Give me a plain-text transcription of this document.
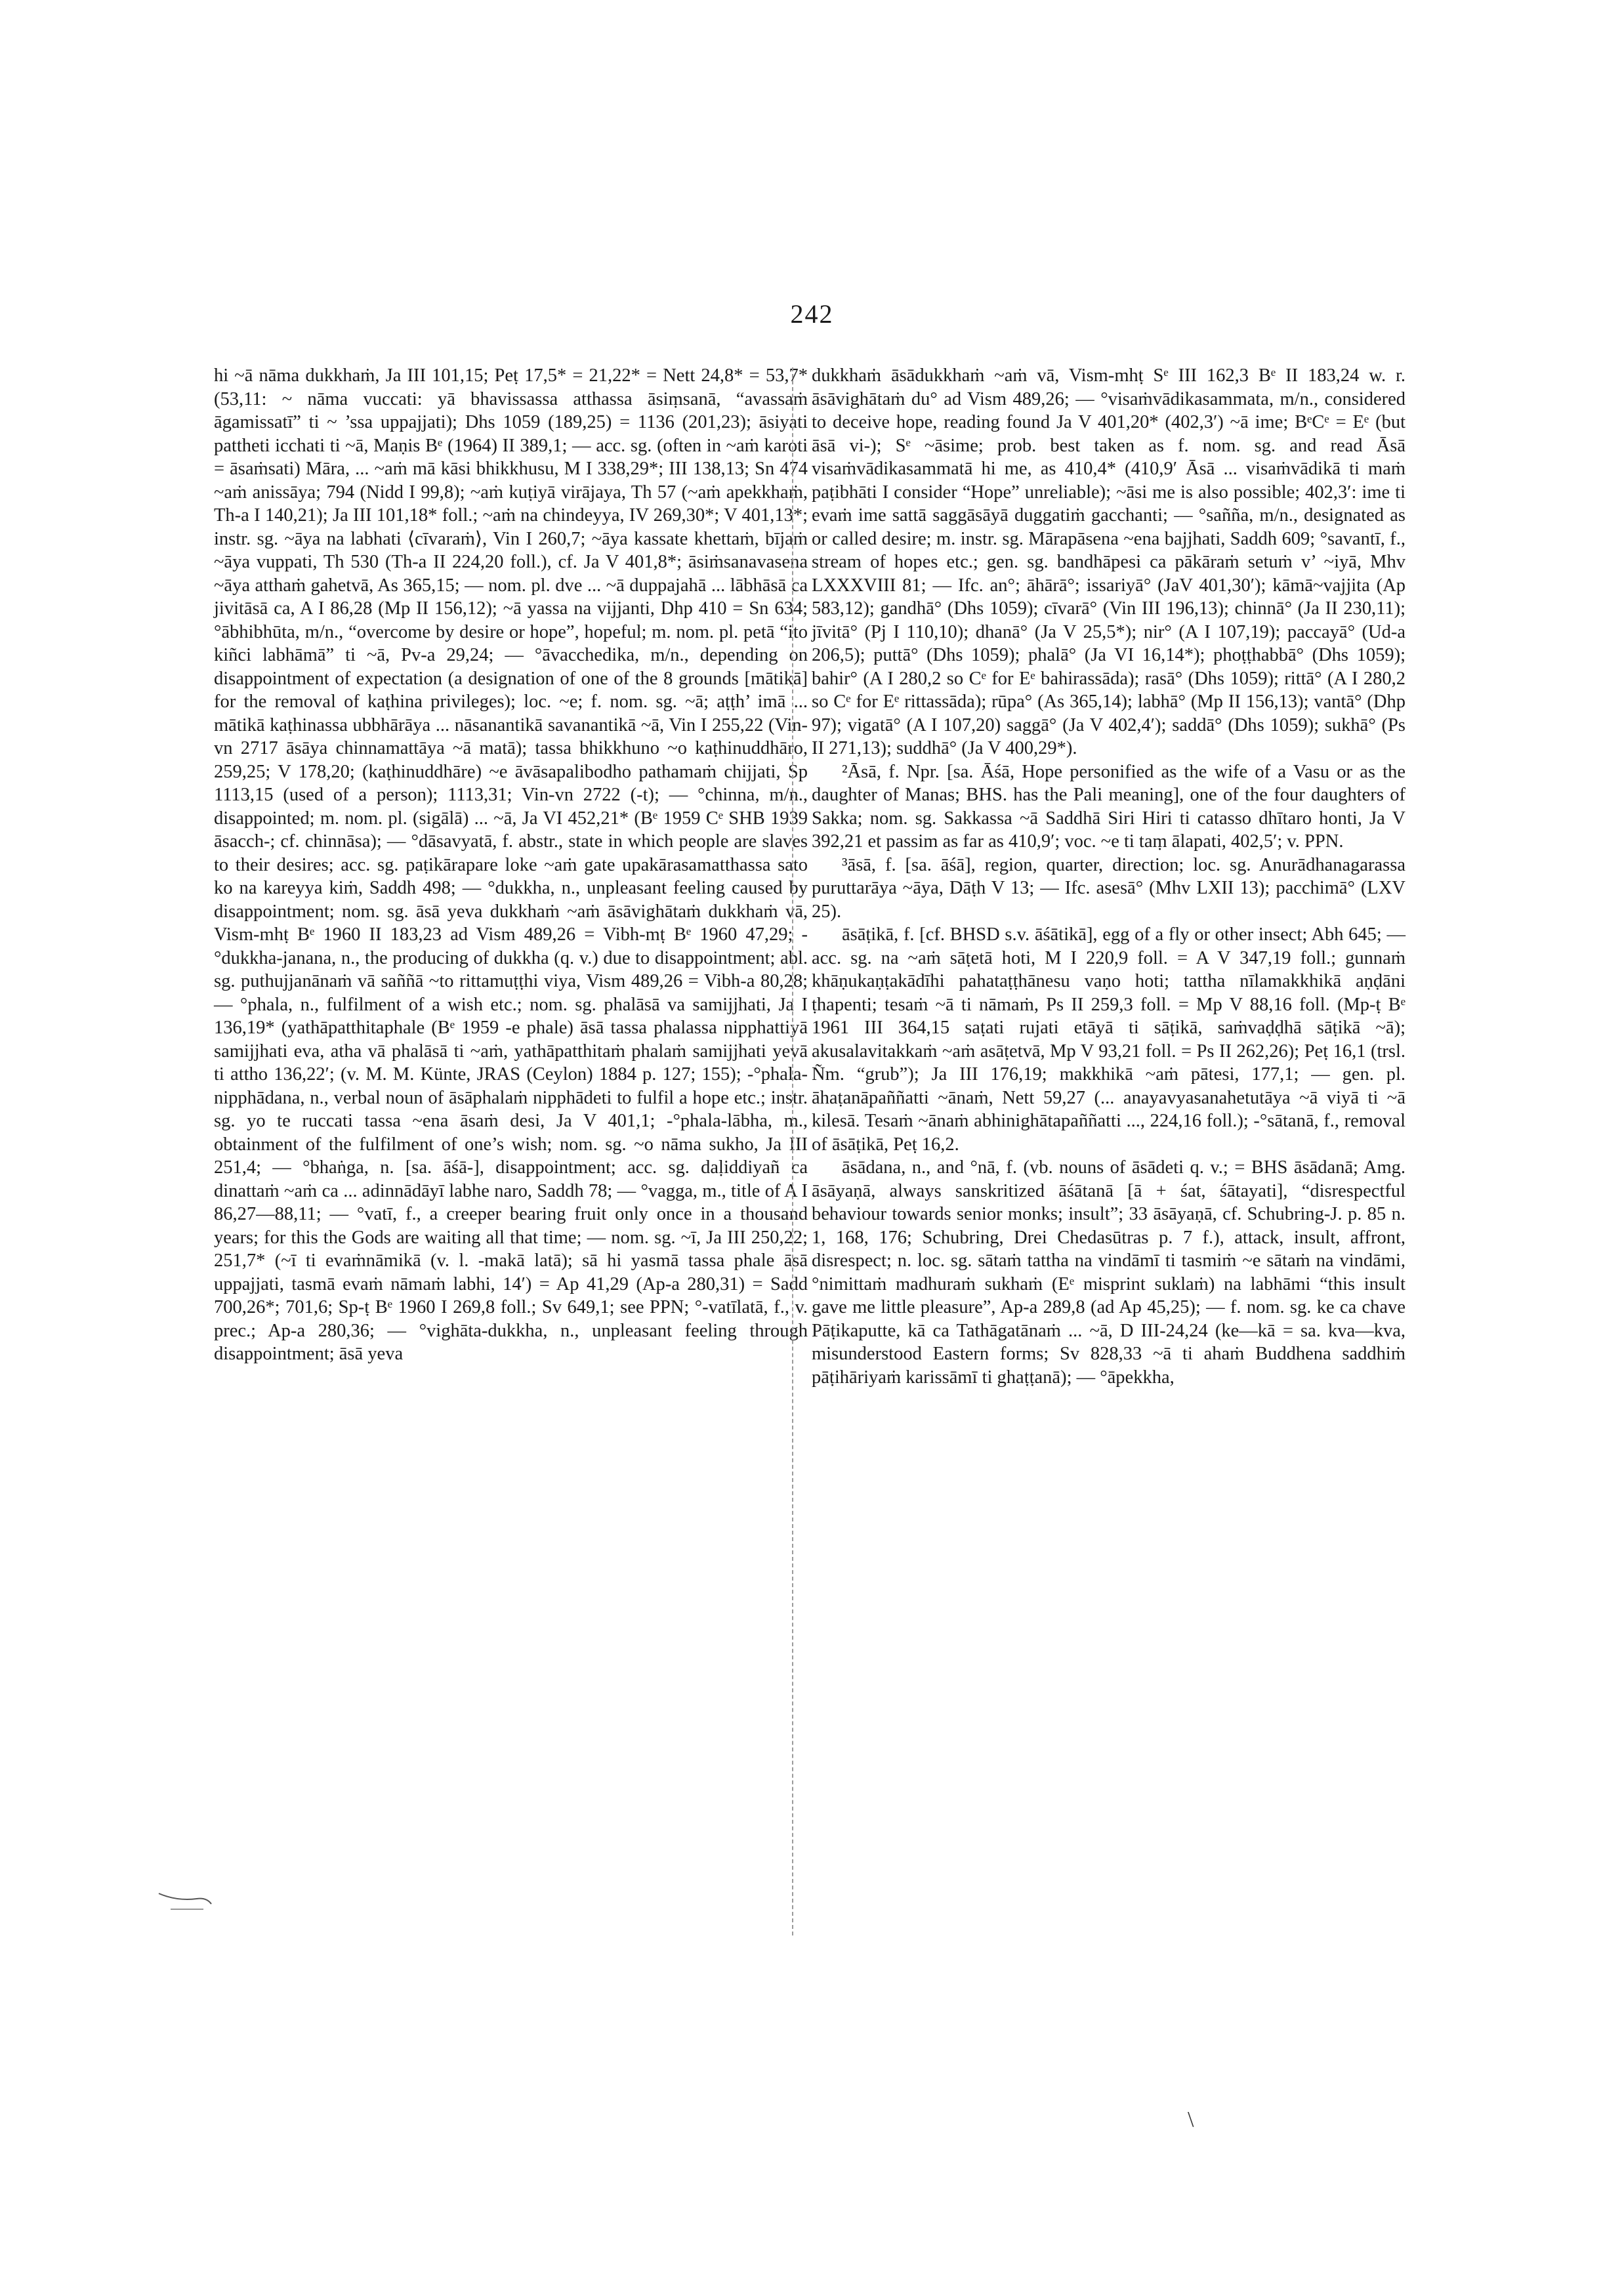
242

hi ~ā nāma dukkhaṁ, Ja III 101,15; Peṭ 17,5* = 21,22* = Nett 24,8* = 53,7* (53,11: ~ nāma vuccati: yā bhavissassa atthassa āsiṃsanā, “avassaṁ āgamissatī” ti ~ ’ssa uppajjati); Dhs 1059 (189,25) = 1136 (201,23); āsiyati pattheti icchati ti ~ā, Maṇis Bᵉ (1964) II 389,1; — acc. sg. (often in ~aṁ karoti = āsaṁsati) Māra, ... ~aṁ mā kāsi bhikkhusu, M I 338,29*; III 138,13; Sn 474 ~aṁ anissāya; 794 (Nidd I 99,8); ~aṁ kuṭiyā virājaya, Th 57 (~aṁ apekkhaṁ, Th-a I 140,21); Ja III 101,18* foll.; ~aṁ na chindeyya, IV 269,30*; V 401,13*; instr. sg. ~āya na labhati ⟨cīvaraṁ⟩, Vin I 260,7; ~āya kassate khettaṁ, bījaṁ ~āya vuppati, Th 530 (Th-a II 224,20 foll.), cf. Ja V 401,8*; āsiṁsanavasena ~āya atthaṁ gahetvā, As 365,15; — nom. pl. dve ... ~ā duppajahā ... lābhāsā ca jivitāsā ca, A I 86,28 (Mp II 156,12); ~ā yassa na vijjanti, Dhp 410 = Sn 634; °ābhibhūta, m/n., “overcome by desire or hope”, hopeful; m. nom. pl. petā “ito kiñci labhāmā” ti ~ā, Pv-a 29,24; — °āvacchedika, m/n., depending on disappointment of expectation (a designation of one of the 8 grounds [mātikā] for the removal of kaṭhina privileges); loc. ~e; f. nom. sg. ~ā; aṭṭh’ imā ... mātikā kaṭhinassa ubbhārāya ... nāsanantikā savanantikā ~ā, Vin I 255,22 (Vin-vn 2717 āsāya chinnamattāya ~ā matā); tassa bhikkhuno ~o kaṭhinuddhāro, 259,25; V 178,20; (kaṭhinuddhāre) ~e āvāsapalibodho pathamaṁ chijjati, Sp 1113,15 (used of a person); 1113,31; Vin-vn 2722 (-t); — °chinna, m/n., disappointed; m. nom. pl. (sigālā) ... ~ā, Ja VI 452,21* (Bᵉ 1959 Cᵉ SHB 1939 āsacch-; cf. chinnāsa); — °dāsavyatā, f. abstr., state in which people are slaves to their desires; acc. sg. paṭikārapare loke ~aṁ gate upakārasamatthassa sato ko na kareyya kiṁ, Saddh 498; — °dukkha, n., unpleasant feeling caused by disappointment; nom. sg. āsā yeva dukkhaṁ ~aṁ āsāvighātaṁ dukkhaṁ vā, Vism-mhṭ Bᵉ 1960 II 183,23 ad Vism 489,26 = Vibh-mṭ Bᵉ 1960 47,29; -°dukkha-janana, n., the producing of dukkha (q. v.) due to disappointment; abl. sg. puthujjanānaṁ vā saññā ~to rittamuṭṭhi viya, Vism 489,26 = Vibh-a 80,28; — °phala, n., fulfilment of a wish etc.; nom. sg. phalāsā va samijjhati, Ja I 136,19* (yathāpatthitaphale (Bᵉ 1959 -e phale) āsā tassa phalassa nipphattiyā samijjhati eva, atha vā phalāsā ti ~aṁ, yathāpatthitaṁ phalaṁ samijjhati yevā ti attho 136,22′; (v. M. M. Künte, JRAS (Ceylon) 1884 p. 127; 155); -°phala-nipphādana, n., verbal noun of āsāphalaṁ nipphādeti to fulfil a hope etc.; instr. sg. yo te ruccati tassa ~ena āsaṁ desi, Ja V 401,1; -°phala-lābha, m., obtainment of the fulfilment of one’s wish; nom. sg. ~o nāma sukho, Ja III 251,4; — °bhaṅga, n. [sa. āśā-], disappointment; acc. sg. daḷiddiyañ ca dinattaṁ ~aṁ ca ... adinnādāyī labhe naro, Saddh 78; — °vagga, m., title of A I 86,27—88,11; — °vatī, f., a creeper bearing fruit only once in a thousand years; for this the Gods are waiting all that time; — nom. sg. ~ī, Ja III 250,22; 251,7* (~ī ti evaṁnāmikā (v. l. -makā latā); sā hi yasmā tassa phale āsā uppajjati, tasmā evaṁ nāmaṁ labhi, 14′) = Ap 41,29 (Ap-a 280,31) = Sadd 700,26*; 701,6; Sp-ṭ Bᵉ 1960 I 269,8 foll.; Sv 649,1; see PPN; °-vatīlatā, f., v. prec.; Ap-a 280,36; — °vighāta-dukkha, n., unpleasant feeling through disappointment; āsā yeva

dukkhaṁ āsādukkhaṁ ~aṁ vā, Vism-mhṭ Sᵉ III 162,3 Bᵉ II 183,24 w. r. āsāvighātaṁ du° ad Vism 489,26; — °visaṁvādikasammata, m/n., considered to deceive hope, reading found Ja V 401,20* (402,3′) ~ā ime; BᵉCᵉ = Eᵉ (but āsā vi-); Sᵉ ~āsime; prob. best taken as f. nom. sg. and read Āsā visaṁvādikasammatā hi me, as 410,4* (410,9′ Āsā ... visaṁvādikā ti maṁ paṭibhāti I consider “Hope” unreliable); ~āsi me is also possible; 402,3′: ime ti evaṁ ime sattā saggāsāyā duggatiṁ gacchanti; — °sañña, m/n., designated as or called desire; m. instr. sg. Mārapāsena ~ena bajjhati, Saddh 609; °savantī, f., stream of hopes etc.; gen. sg. bandhāpesi ca pākāraṁ setuṁ v’ ~iyā, Mhv LXXXVIII 81; — Ifc. an°; āhārā°; issariyā° (JaV 401,30′); kāmā~vajjita (Ap 583,12); gandhā° (Dhs 1059); cīvarā° (Vin III 196,13); chinnā° (Ja II 230,11); jīvitā° (Pj I 110,10); dhanā° (Ja V 25,5*); nir° (A I 107,19); paccayā° (Ud-a 206,5); puttā° (Dhs 1059); phalā° (Ja VI 16,14*); phoṭṭhabbā° (Dhs 1059); bahir° (A I 280,2 so Cᵉ for Eᵉ bahirassāda); rasā° (Dhs 1059); rittā° (A I 280,2 so Cᵉ for Eᵉ rittassāda); rūpa° (As 365,14); labhā° (Mp II 156,13); vantā° (Dhp 97); vigatā° (A I 107,20) saggā° (Ja V 402,4′); saddā° (Dhs 1059); sukhā° (Ps II 271,13); suddhā° (Ja V 400,29*).

²Āsā, f. Npr. [sa. Āśā, Hope personified as the wife of a Vasu or as the daughter of Manas; BHS. has the Pali meaning], one of the four daughters of Sakka; nom. sg. Sakkassa ~ā Saddhā Siri Hiri ti catasso dhītaro honti, Ja V 392,21 et passim as far as 410,9′; voc. ~e ti taṃ ālapati, 402,5′; v. PPN.

³āsā, f. [sa. āśā], region, quarter, direction; loc. sg. Anurādhanagarassa puruttarāya ~āya, Dāṭh V 13; — Ifc. asesā° (Mhv LXII 13); pacchimā° (LXV 25).

āsāṭikā, f. [cf. BHSD s.v. āśātikā], egg of a fly or other insect; Abh 645; — acc. sg. na ~aṁ sāṭetā hoti, M I 220,9 foll. = A V 347,19 foll.; gunnaṁ khāṇukaṇṭakādīhi pahataṭṭhānesu vaṇo hoti; tattha nīlamakkhikā aṇḍāni ṭhapenti; tesaṁ ~ā ti nāmaṁ, Ps II 259,3 foll. = Mp V 88,16 foll. (Mp-ṭ Bᵉ 1961 III 364,15 saṭati rujati etāyā ti sāṭikā, saṁvaḍḍhā sāṭikā ~ā); akusalavitakkaṁ ~aṁ asāṭetvā, Mp V 93,21 foll. = Ps II 262,26); Peṭ 16,1 (trsl. Ñm. “grub”); Ja III 176,19; makkhikā ~aṁ pātesi, 177,1; — gen. pl. āhaṭanāpaññatti ~ānaṁ, Nett 59,27 (... anayavyasanahetutāya ~ā viyā ti ~ā kilesā. Tesaṁ ~ānaṁ abhinighātapaññatti ..., 224,16 foll.); -°sātanā, f., removal of āsāṭikā, Peṭ 16,2.

āsādana, n., and °nā, f. (vb. nouns of āsādeti q. v.; = BHS āsādanā; Amg. āsāyaṇā, always sanskritized āśātanā [ā + śat, śātayati], “disrespectful behaviour towards senior monks; insult”; 33 āsāyaṇā, cf. Schubring-J. p. 85 n. 1, 168, 176; Schubring, Drei Chedasūtras p. 7 f.), attack, insult, affront, disrespect; n. loc. sg. sātaṁ tattha na vindāmī ti tasmiṁ ~e sātaṁ na vindāmi, °nimittaṁ madhuraṁ sukhaṁ (Eᵉ misprint suklaṁ) na labhāmi “this insult gave me little pleasure”, Ap-a 289,8 (ad Ap 45,25); — f. nom. sg. ke ca chave Pāṭikaputte, kā ca Tathāgatānaṁ ... ~ā, D III-24,24 (ke—kā = sa. kva—kva, misunderstood Eastern forms; Sv 828,33 ~ā ti ahaṁ Buddhena saddhiṁ pāṭihāriyaṁ karissāmī ti ghaṭṭanā); — °āpekkha,

\
